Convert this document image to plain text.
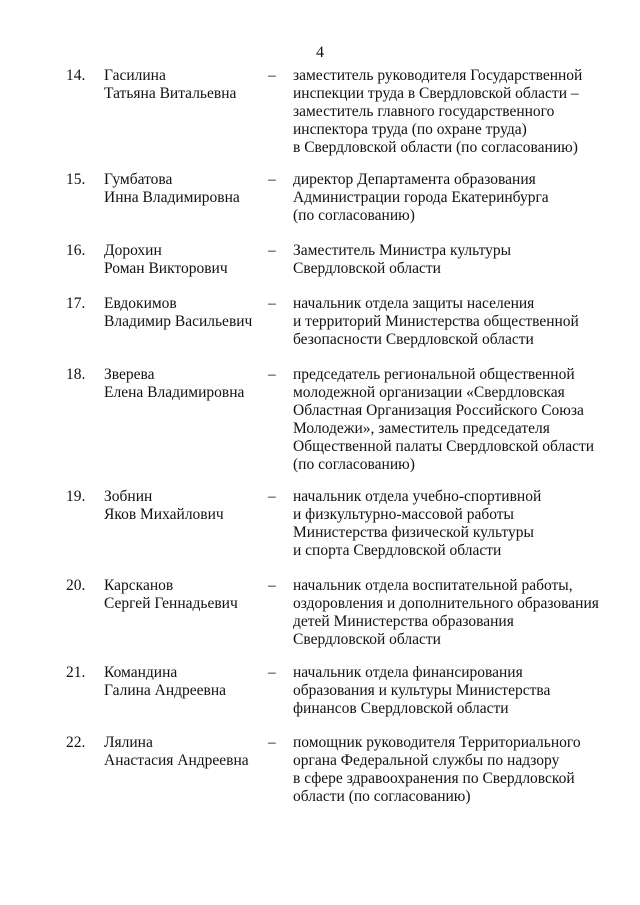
4
14. Гасилина
Татьяна Витальевна
– заместитель руководителя Государственной
инспекции труда в Свердловской области –
заместитель главного государственного
инспектора труда (по охране труда)
в Свердловской области (по согласованию)
15. Гумбатова
Инна Владимировна
– директор Департамента образования
Администрации города Екатеринбурга
(по согласованию)
16. Дорохин
Роман Викторович
– Заместитель Министра культуры
Свердловской области
17. Евдокимов
Владимир Васильевич
– начальник отдела защиты населения
и территорий Министерства общественной
безопасности Свердловской области
18. Зверева
Елена Владимировна
– председатель региональной общественной
молодежной организации «Свердловская
Областная Организация Российского Союза
Молодежи», заместитель председателя
Общественной палаты Свердловской области
(по согласованию)
19. Зобнин
Яков Михайлович
– начальник отдела учебно-спортивной
и физкультурно-массовой работы
Министерства физической культуры
и спорта Свердловской области
20. Карсканов
Сергей Геннадьевич
– начальник отдела воспитательной работы,
оздоровления и дополнительного образования
детей Министерства образования
Свердловской области
21. Командина
Галина Андреевна
– начальник отдела финансирования
образования и культуры Министерства
финансов Свердловской области
22. Лялина
Анастасия Андреевна
– помощник руководителя Территориального
органа Федеральной службы по надзору
в сфере здравоохранения по Свердловской
области (по согласованию)
